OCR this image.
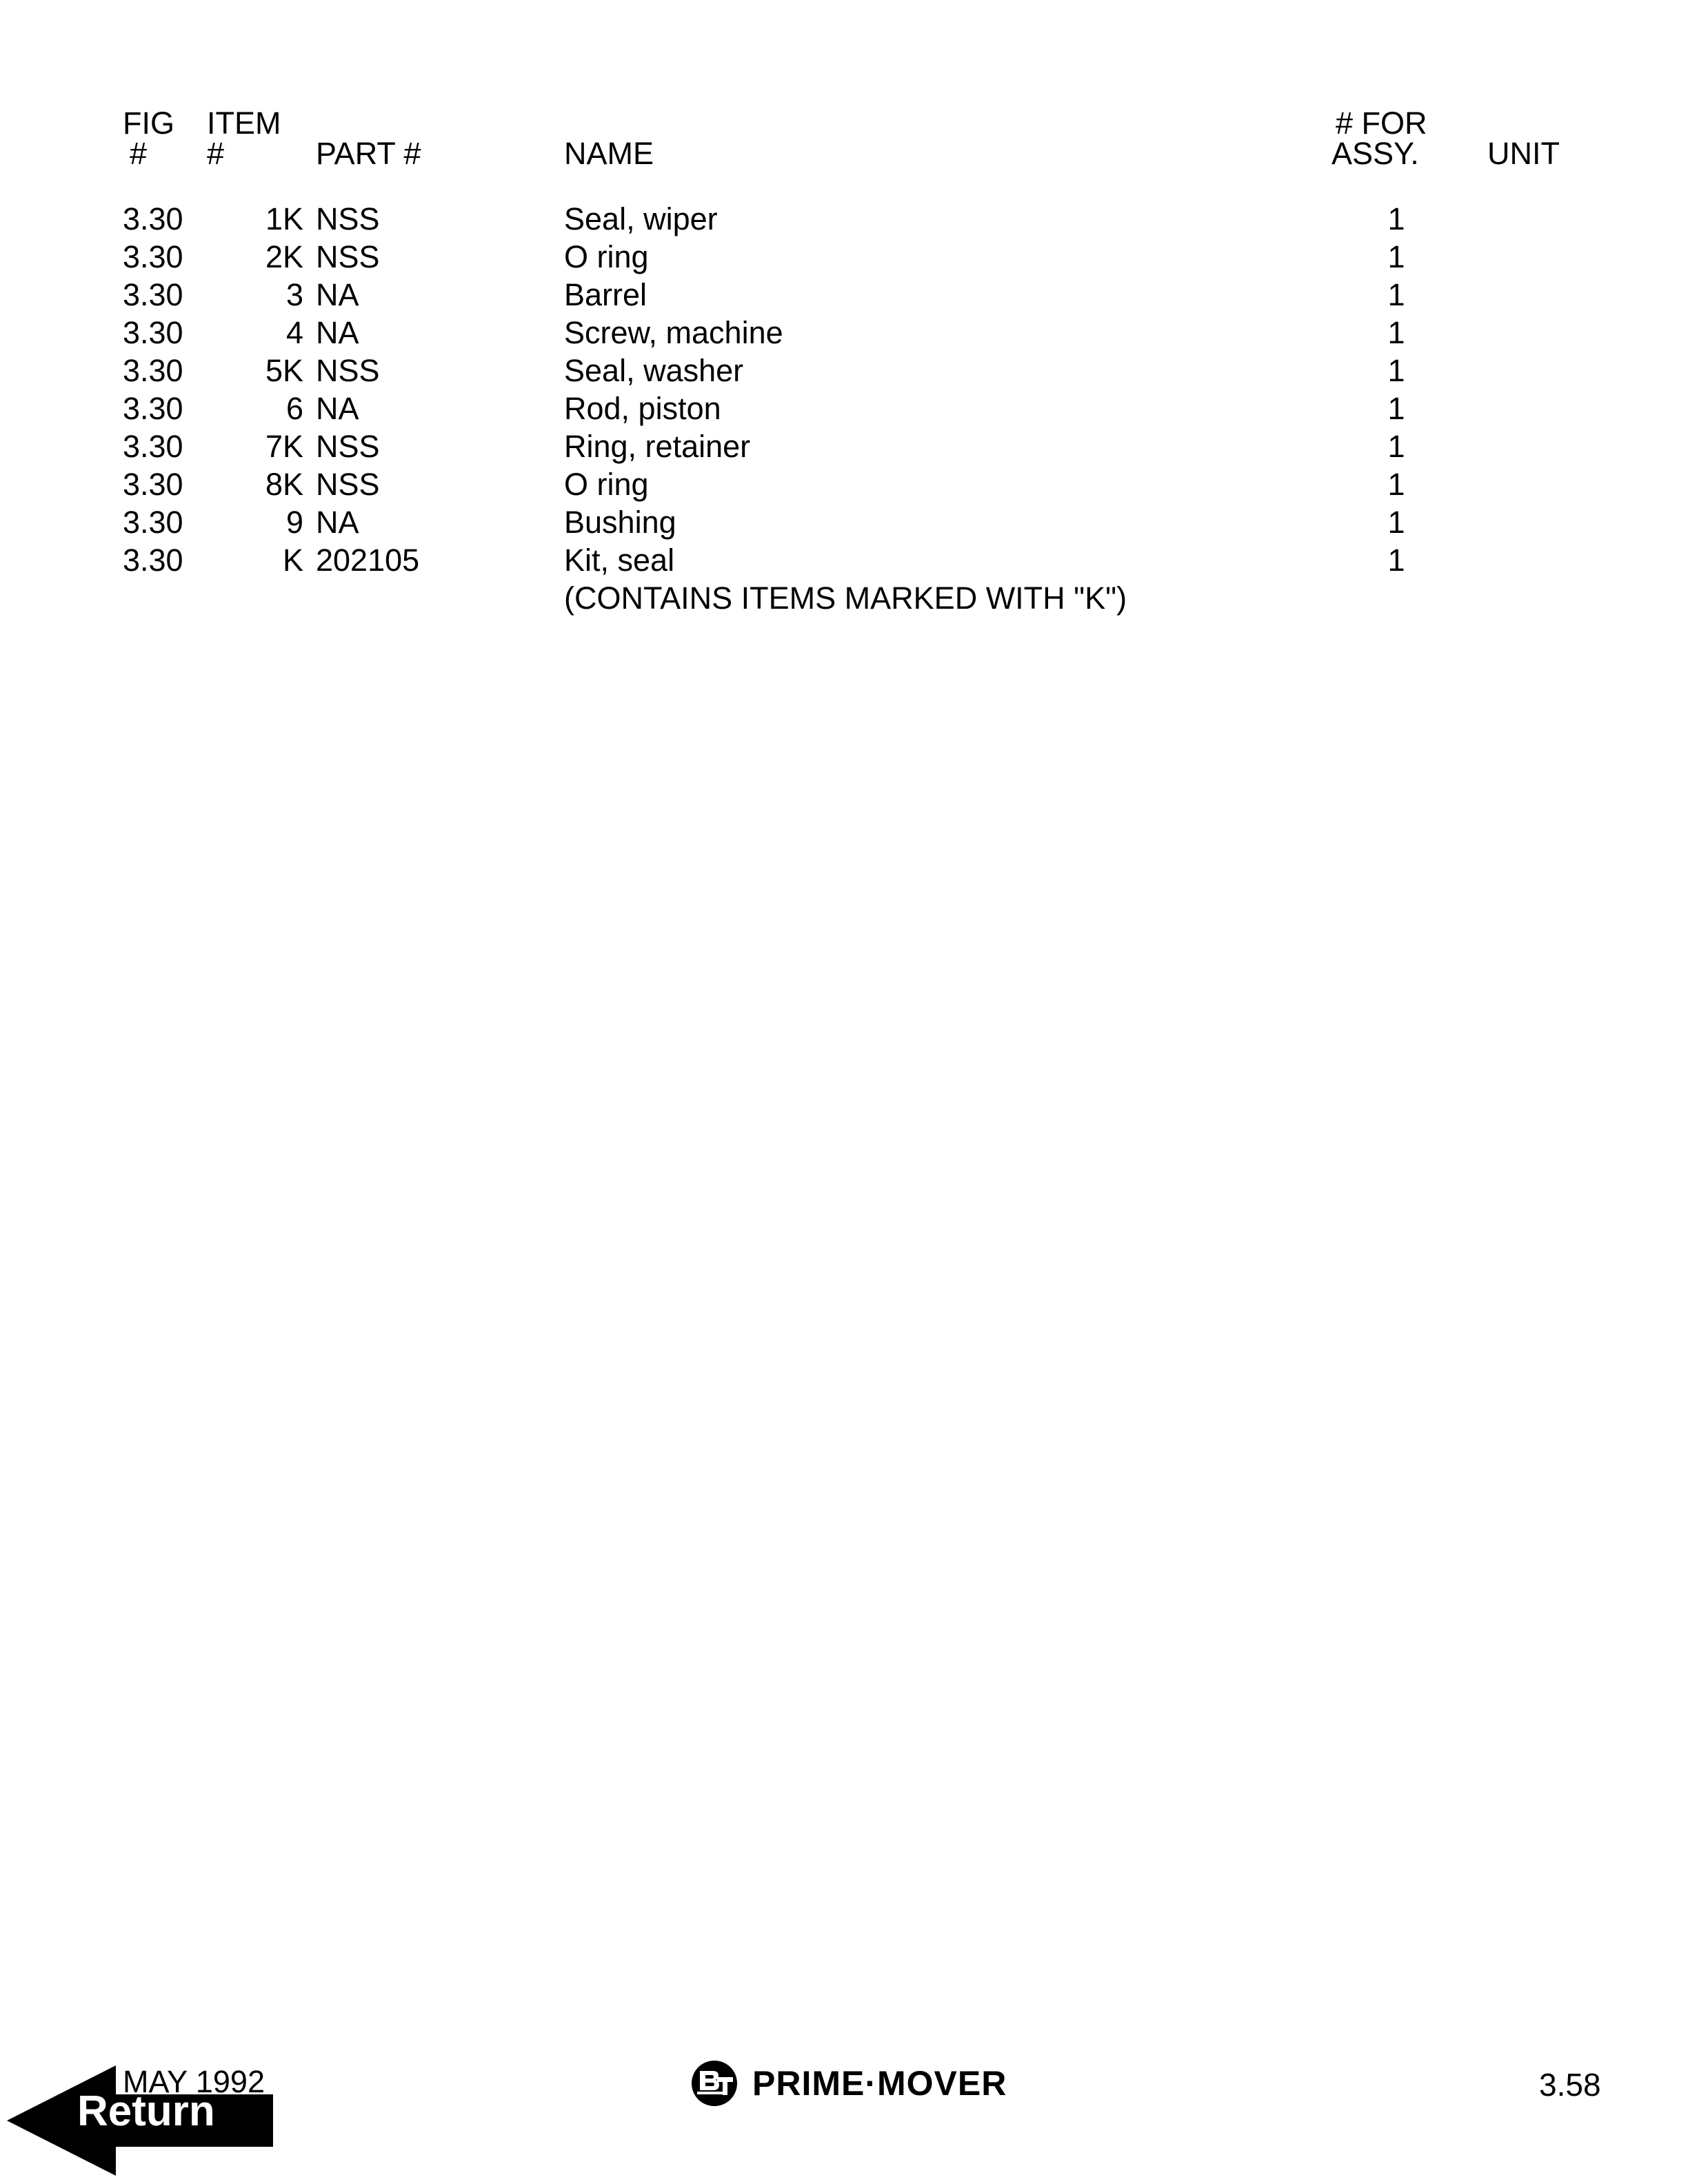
FIG	ITEM			# FOR	
#	#	PART #	NAME	ASSY.	UNIT

3.30	1K	NSS	Seal, wiper	1	
3.30	2K	NSS	O ring	1	
3.30	3	NA	Barrel	1	
3.30	4	NA	Screw, machine	1	
3.30	5K	NSS	Seal, washer	1	
3.30	6	NA	Rod, piston	1	
3.30	7K	NSS	Ring, retainer	1	
3.30	8K	NSS	O ring	1	
3.30	9	NA	Bushing	1	
3.30	K	202105	Kit, seal	1	
			(CONTAINS ITEMS MARKED WITH "K")		
MAY 1992
Return
PRIME·MOVER	3.58
